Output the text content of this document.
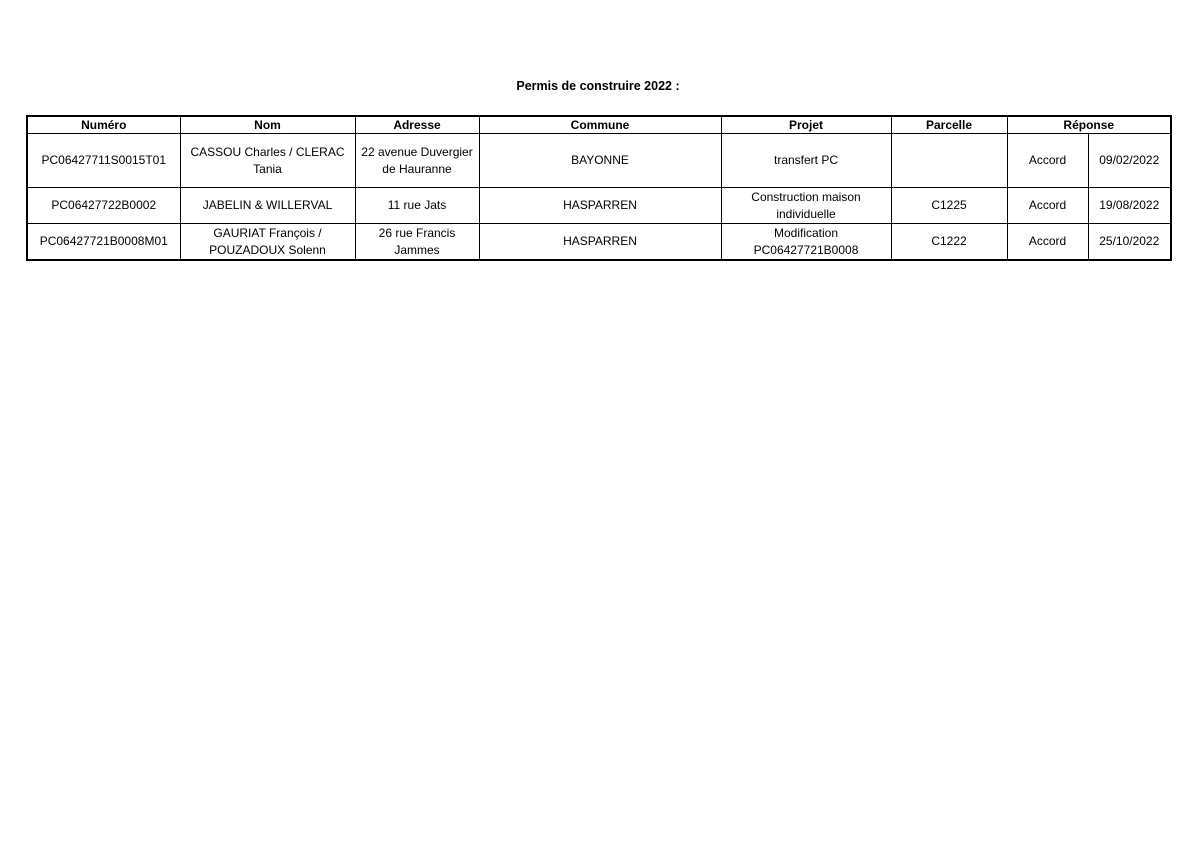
Permis de construire 2022 :
Numéro	Nom	Adresse	Commune	Projet	Parcelle	Réponse	
PC06427711S0015T01	CASSOU Charles / CLERAC Tania	22 avenue Duvergier de Hauranne	BAYONNE	transfert PC		Accord	09/02/2022
PC06427722B0002	JABELIN & WILLERVAL	11 rue Jats	HASPARREN	Construction maison individuelle	C1225	Accord	19/08/2022
PC06427721B0008M01	GAURIAT François / POUZADOUX Solenn	26 rue Francis Jammes	HASPARREN	Modification PC06427721B0008	C1222	Accord	25/10/2022
